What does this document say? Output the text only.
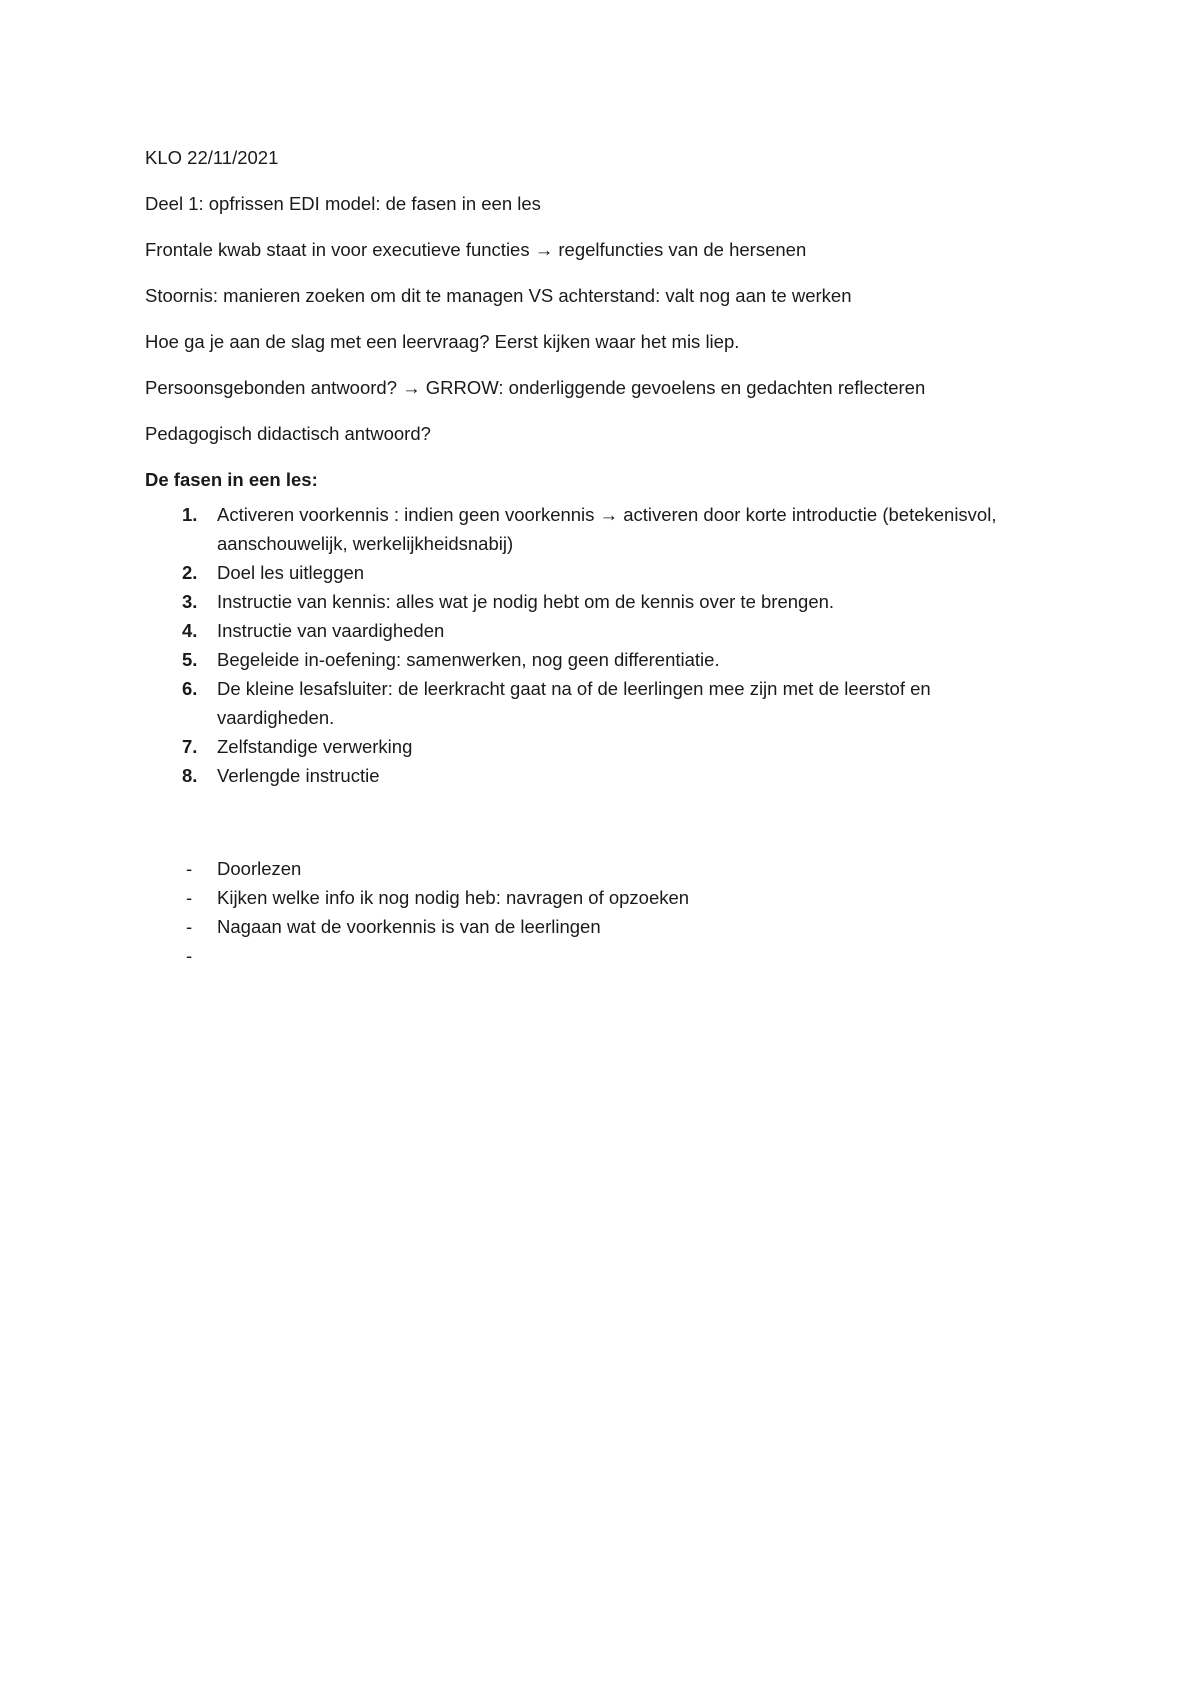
KLO 22/11/2021

Deel 1: opfrissen EDI model: de fasen in een les

Frontale kwab staat in voor executieve functies → regelfuncties van de hersenen

Stoornis: manieren zoeken om dit te managen VS achterstand: valt nog aan te werken

Hoe ga je aan de slag met een leervraag? Eerst kijken waar het mis liep.

Persoonsgebonden antwoord? → GRROW: onderliggende gevoelens en gedachten reflecteren

Pedagogisch didactisch antwoord?

De fasen in een les:

1. Activeren voorkennis : indien geen voorkennis → activeren door korte introductie (betekenisvol, aanschouwelijk, werkelijkheidsnabij)
2. Doel les uitleggen
3. Instructie van kennis: alles wat je nodig hebt om de kennis over te brengen.
4. Instructie van vaardigheden
5. Begeleide in-oefening: samenwerken, nog geen differentiatie.
6. De kleine lesafsluiter: de leerkracht gaat na of de leerlingen mee zijn met de leerstof en vaardigheden.
7. Zelfstandige verwerking
8. Verlengde instructie
- Doorlezen
- Kijken welke info ik nog nodig heb: navragen of opzoeken
- Nagaan wat de voorkennis is van de leerlingen
-
